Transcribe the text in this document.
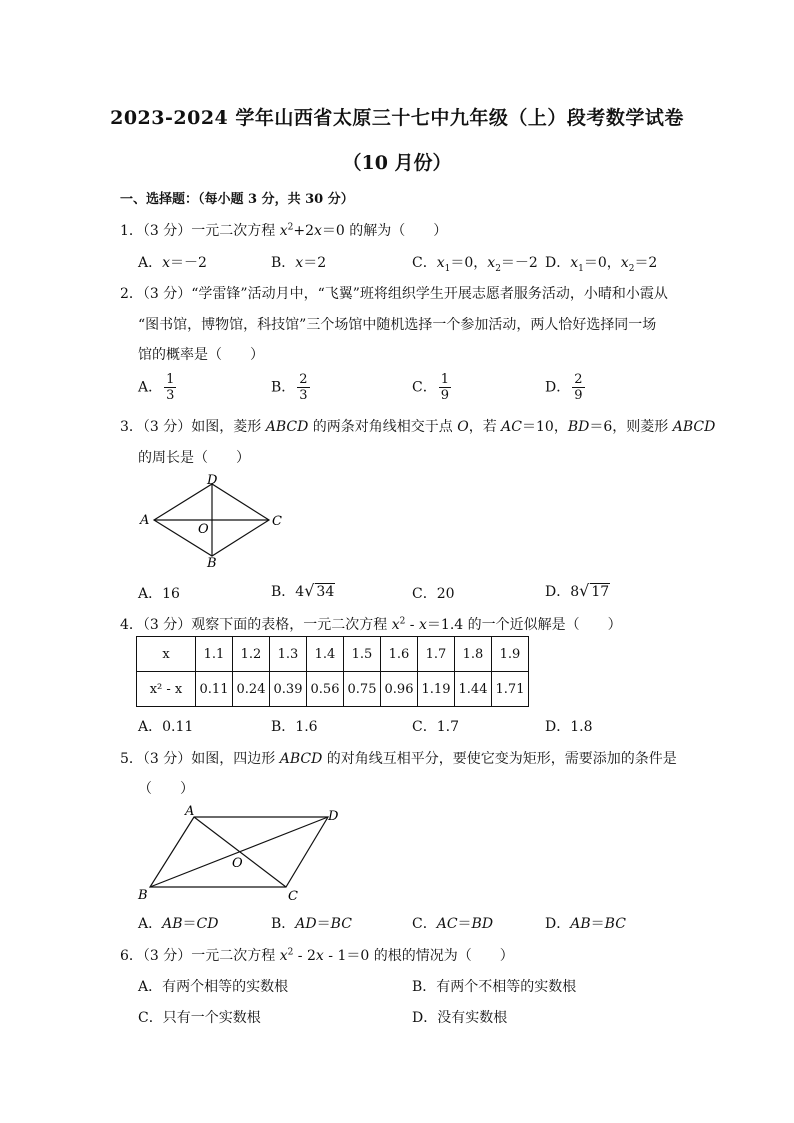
2023-2024 学年山西省太原三十七中九年级（上）段考数学试卷
（10 月份）
一、选择题：（每小题 3 分，共 30 分）
1．（3 分）一元二次方程 $x^2+2x=0$ 的解为（　　）
A．x＝－2	B．x＝2	C．$x_1=0$，$x_2=-2$ D．$x_1=0$，$x_2=2$
2．（3 分）“学雷锋”活动月中，“飞翼”班将组织学生开展志愿者服务活动，小晴和小霞从
“图书馆，博物馆，科技馆”三个场馆中随机选择一个参加活动，两人恰好选择同一场
馆的概率是（　　）
A． $\frac{1}{3}$	B． $\frac{2}{3}$	C． $\frac{1}{9}$	D． $\frac{2}{9}$
3．（3 分）如图，菱形 ABCD 的两条对角线相交于点 O，若 AC＝10，BD＝6，则菱形 ABCD
的周长是（　　）
A
D
C
B
O
A．16	B．4√ 34	C．20	D．8√ 17
4．（3 分）观察下面的表格，一元二次方程 $x^2 - x=1.4$ 的一个近似解是（　　）
x	1.1	1.2	1.3	1.4	1.5	1.6	1.7	1.8	1.9
x² - x	0.11	0.24	0.39	0.56	0.75	0.96	1.19	1.44	1.71
A．0.11	B．1.6	C．1.7	D．1.8
5．（3 分）如图，四边形 ABCD 的对角线互相平分，要使它变为矩形，需要添加的条件是
（　　）
A	D
C
B
O
A．AB＝CD	B．AD＝BC	C．AC＝BD	D．AB＝BC
6．（3 分）一元二次方程 $x^2 - 2x - 1=0$ 的根的情况为（　　）
A．有两个相等的实数根	B．有两个不相等的实数根
C．只有一个实数根	D．没有实数根
